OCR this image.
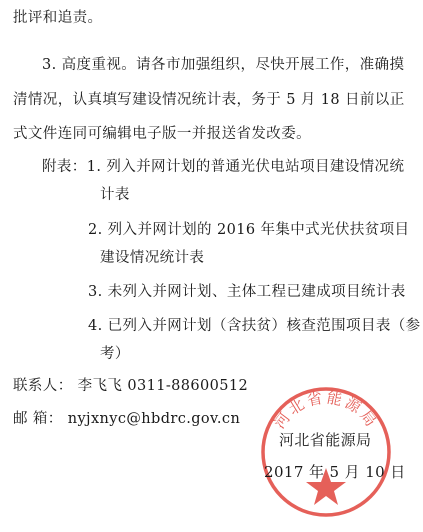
批评和追责。
3. 高度重视。请各市加强组织，尽快开展工作，准确摸
清情况，认真填写建设情况统计表，务于 5 月 18 日前以正
式文件连同可编辑电子版一并报送省发改委。
附表：1. 列入并网计划的普通光伏电站项目建设情况统
计表
2. 列入并网计划的 2016 年集中式光伏扶贫项目
建设情况统计表
3. 未列入并网计划、主体工程已建成项目统计表
4. 已列入并网计划（含扶贫）核查范围项目表（参
考）
联系人： 李飞飞 0311-88600512
邮 箱： nyjxnyc@hbdrc.gov.cn 河北省能源局
河北省能源局
2017 年 5 月 10 日
